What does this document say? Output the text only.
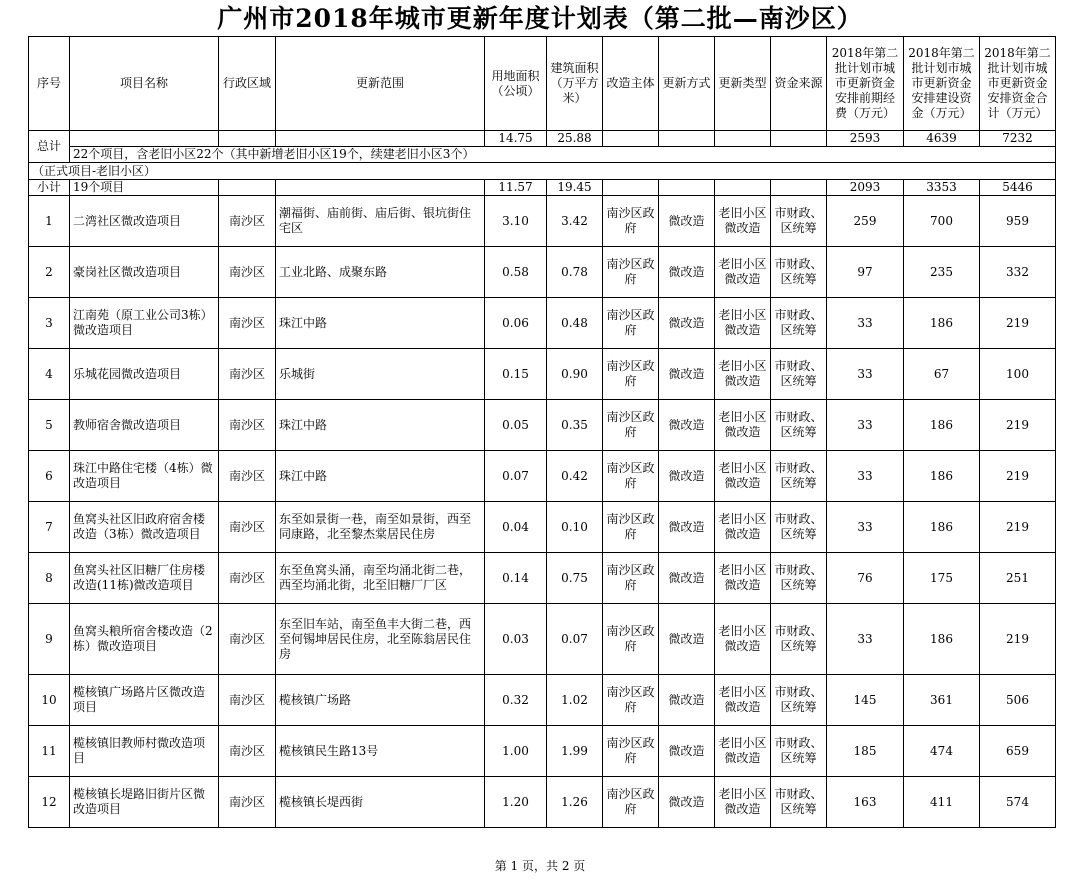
广州市2018年城市更新年度计划表（第二批—南沙区）
序号	项目名称	行政区域	更新范围	用地面积（公顷）	建筑面积（万平方米）	改造主体	更新方式	更新类型	资金来源	2018年第二批计划市城市更新资金安排前期经费（万元）	2018年第二批计划市城市更新资金安排建设资金（万元）	2018年第二批计划市城市更新资金安排资金合计（万元）
总计				14.75	25.88					2593	4639	7232
	22个项目，含老旧小区22个（其中新增老旧小区19个，续建老旧小区3个）											
（正式项目-老旧小区）												
小计	19个项目			11.57	19.45					2093	3353	5446
1	二湾社区微改造项目	南沙区	潮福街、庙前街、庙后街、银坑街住宅区	3.10	3.42	南沙区政府	微改造	老旧小区微改造	市财政、区统筹	259	700	959
2	豪岗社区微改造项目	南沙区	工业北路、成聚东路	0.58	0.78	南沙区政府	微改造	老旧小区微改造	市财政、区统筹	97	235	332
3	江南苑（原工业公司3栋）微改造项目	南沙区	珠江中路	0.06	0.48	南沙区政府	微改造	老旧小区微改造	市财政、区统筹	33	186	219
4	乐城花园微改造项目	南沙区	乐城街	0.15	0.90	南沙区政府	微改造	老旧小区微改造	市财政、区统筹	33	67	100
5	教师宿舍微改造项目	南沙区	珠江中路	0.05	0.35	南沙区政府	微改造	老旧小区微改造	市财政、区统筹	33	186	219
6	珠江中路住宅楼（4栋）微改造项目	南沙区	珠江中路	0.07	0.42	南沙区政府	微改造	老旧小区微改造	市财政、区统筹	33	186	219
7	鱼窝头社区旧政府宿舍楼改造（3栋）微改造项目	南沙区	东至如景街一巷，南至如景街，西至同康路，北至黎杰棠居民住房	0.04	0.10	南沙区政府	微改造	老旧小区微改造	市财政、区统筹	33	186	219
8	鱼窝头社区旧糖厂住房楼改造(11栋)微改造项目	南沙区	东至鱼窝头涌，南至均涌北街二巷，西至均涌北街，北至旧糖厂厂区	0.14	0.75	南沙区政府	微改造	老旧小区微改造	市财政、区统筹	76	175	251
9	鱼窝头粮所宿舍楼改造（2栋）微改造项目	南沙区	东至旧车站，南至鱼丰大街二巷，西至何锡坤居民住房，北至陈翁居民住房	0.03	0.07	南沙区政府	微改造	老旧小区微改造	市财政、区统筹	33	186	219
10	榄核镇广场路片区微改造项目	南沙区	榄核镇广场路	0.32	1.02	南沙区政府	微改造	老旧小区微改造	市财政、区统筹	145	361	506
11	榄核镇旧教师村微改造项目	南沙区	榄核镇民生路13号	1.00	1.99	南沙区政府	微改造	老旧小区微改造	市财政、区统筹	185	474	659
12	榄核镇长堤路旧街片区微改造项目	南沙区	榄核镇长堤西街	1.20	1.26	南沙区政府	微改造	老旧小区微改造	市财政、区统筹	163	411	574
第 1 页，共 2 页
